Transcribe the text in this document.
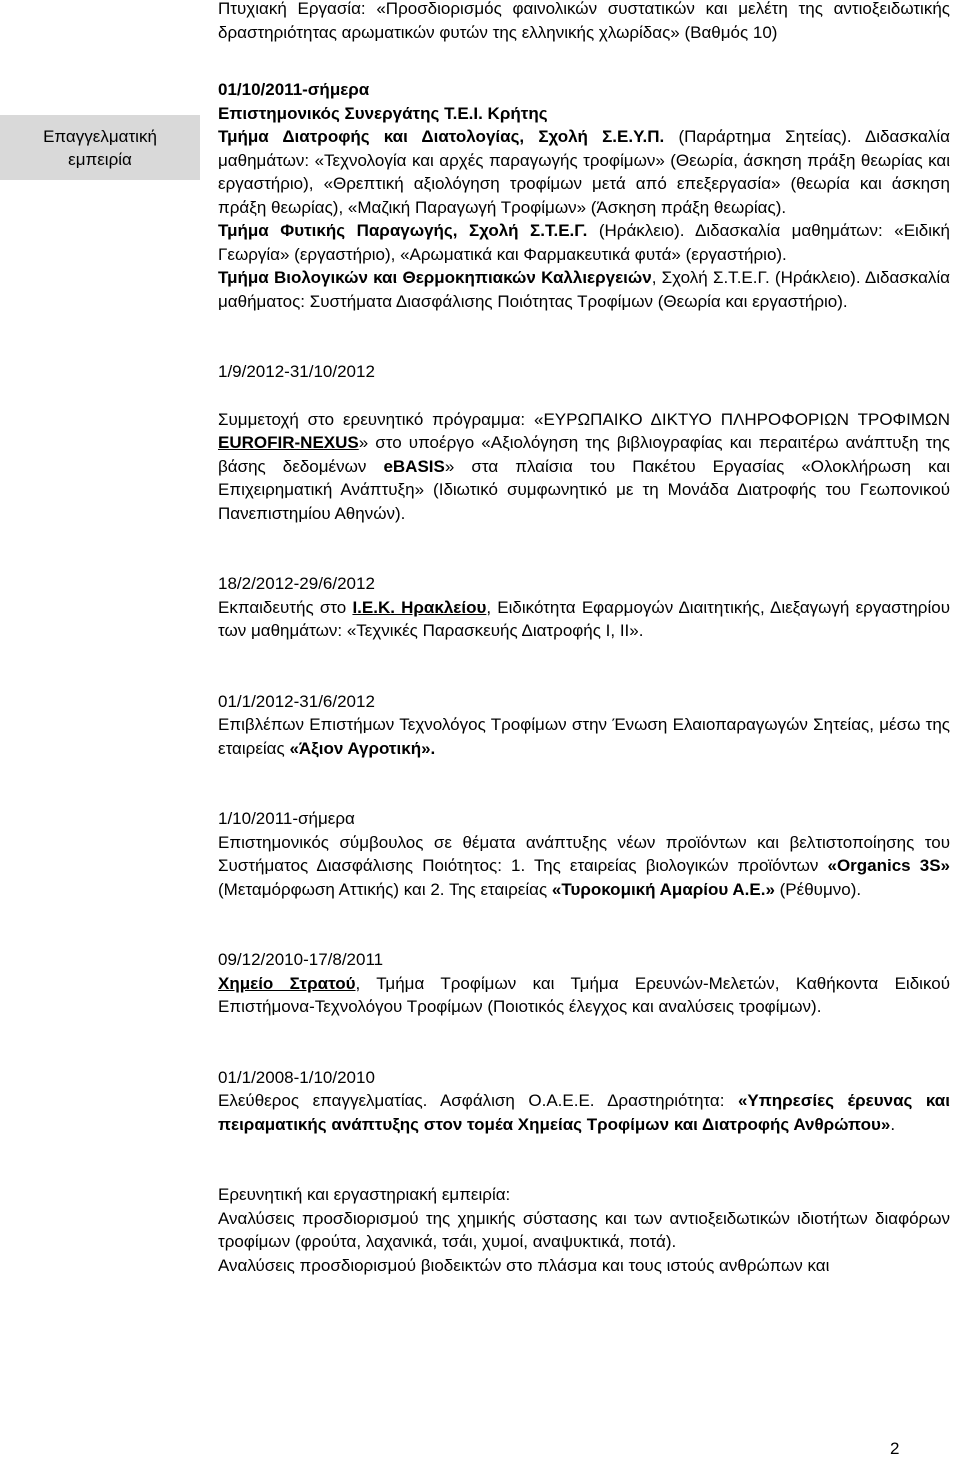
Επαγγελματική
εμπειρία

Πτυχιακή Εργασία: «Προσδιορισμός φαινολικών συστατικών και μελέτη της αντιοξειδωτικής δραστηριότητας αρωματικών φυτών της ελληνικής χλωρίδας» (Βαθμός 10)

01/10/2011-σήμερα

Επιστημονικός Συνεργάτης Τ.Ε.Ι. Κρήτης

Τμήμα Διατροφής και Διατολογίας, Σχολή Σ.Ε.Υ.Π. (Παράρτημα Σητείας). Διδασκαλία μαθημάτων: «Τεχνολογία και αρχές παραγωγής τροφίμων» (Θεωρία, άσκηση πράξη θεωρίας και εργαστήριο), «Θρεπτική αξιολόγηση τροφίμων μετά από επεξεργασία» (θεωρία και άσκηση πράξη θεωρίας), «Μαζική Παραγωγή Τροφίμων» (Άσκηση πράξη θεωρίας).

Τμήμα Φυτικής Παραγωγής, Σχολή Σ.Τ.Ε.Γ. (Ηράκλειο). Διδασκαλία μαθημάτων: «Ειδική Γεωργία» (εργαστήριο), «Αρωματικά και Φαρμακευτικά φυτά» (εργαστήριο).

Τμήμα Βιολογικών και Θερμοκηπιακών Καλλιεργειών, Σχολή Σ.Τ.Ε.Γ. (Ηράκλειο). Διδασκαλία μαθήματος: Συστήματα Διασφάλισης Ποιότητας Τροφίμων (Θεωρία και εργαστήριο).

1/9/2012-31/10/2012

Συμμετοχή στο ερευνητικό πρόγραμμα: «ΕΥΡΩΠΑΙΚΟ ΔΙΚΤΥΟ ΠΛΗΡΟΦΟΡΙΩΝ ΤΡΟΦΙΜΩΝ EUROFIR-NEXUS» στο υποέργο «Αξιολόγηση της βιβλιογραφίας και περαιτέρω ανάπτυξη της βάσης δεδομένων eBASIS» στα πλαίσια του Πακέτου Εργασίας «Ολοκλήρωση και Επιχειρηματική Ανάπτυξη» (Ιδιωτικό συμφωνητικό με τη Μονάδα Διατροφής του Γεωπονικού Πανεπιστημίου Αθηνών).

18/2/2012-29/6/2012

Εκπαιδευτής στο Ι.Ε.Κ. Ηρακλείου, Ειδικότητα Εφαρμογών Διαιτητικής, Διεξαγωγή εργαστηρίου των μαθημάτων: «Τεχνικές Παρασκευής Διατροφής Ι, ΙΙ».

01/1/2012-31/6/2012

Επιβλέπων Επιστήμων Τεχνολόγος Τροφίμων στην Ένωση Ελαιοπαραγωγών Σητείας, μέσω της εταιρείας «Άξιον Αγροτική».

1/10/2011-σήμερα

Επιστημονικός σύμβουλος σε θέματα ανάπτυξης νέων προϊόντων και βελτιστοποίησης του Συστήματος Διασφάλισης Ποιότητος: 1. Της εταιρείας βιολογικών προϊόντων «Organics 3S» (Μεταμόρφωση Αττικής) και 2. Της εταιρείας «Τυροκομική Αμαρίου Α.Ε.» (Ρέθυμνο).

09/12/2010-17/8/2011

Χημείο Στρατού, Τμήμα Τροφίμων και Τμήμα Ερευνών-Μελετών, Καθήκοντα Ειδικού Επιστήμονα-Τεχνολόγου Τροφίμων (Ποιοτικός έλεγχος και αναλύσεις τροφίμων).

01/1/2008-1/10/2010

Ελεύθερος επαγγελματίας. Ασφάλιση Ο.Α.Ε.Ε. Δραστηριότητα: «Υπηρεσίες έρευνας και πειραματικής ανάπτυξης στον τομέα Χημείας Τροφίμων και Διατροφής Ανθρώπου».

Ερευνητική και εργαστηριακή εμπειρία:

Αναλύσεις προσδιορισμού της χημικής σύστασης και των αντιοξειδωτικών ιδιοτήτων διαφόρων τροφίμων (φρούτα, λαχανικά, τσάι, χυμοί, αναψυκτικά, ποτά).

Αναλύσεις προσδιορισμού βιοδεικτών στο πλάσμα και τους ιστούς ανθρώπων και

2
